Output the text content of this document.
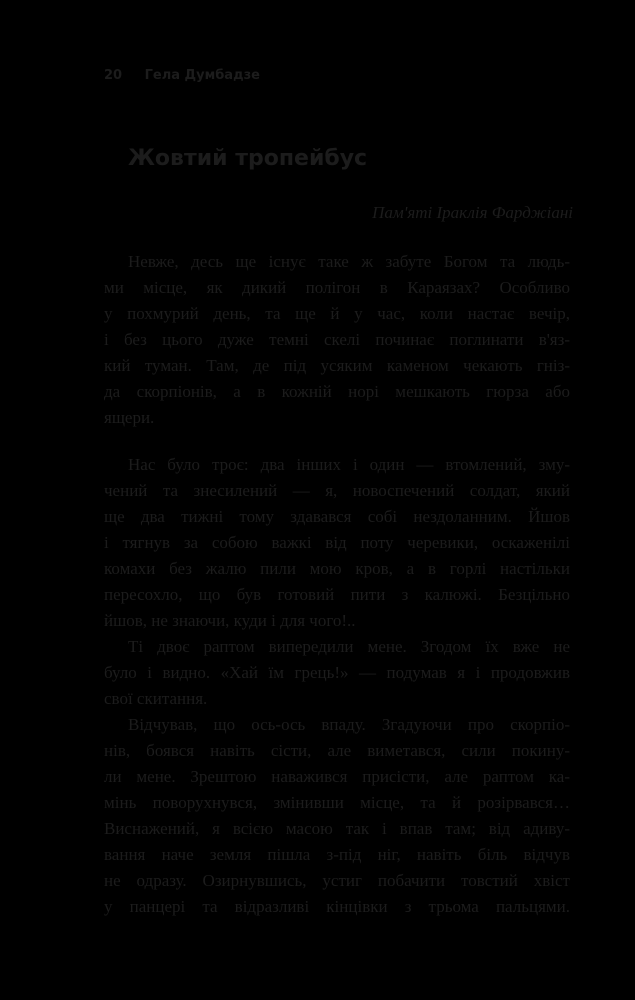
20 Гела Думбадзе
Жовтий тропейбус
Пам'яті Іраклія Фарджіані
Невже, десь ще існує таке ж забуте Богом та людь-
ми місце, як дикий полігон в Караязах? Особливо
у похмурий день, та ще й у час, коли настає вечір,
і без цього дуже темні скелі починає поглинати в'яз-
кий туман. Там, де під усяким каменом чекають гніз-
да скорпіонів, а в кожній норі мешкають гюрза або
ящери.
Нас було троє: два інших і один — втомлений, зму-
чений та знесилений — я, новоспечений солдат, який
ще два тижні тому здавався собі нездоланним. Йшов
і тягнув за собою важкі від поту черевики, оскаженілі
комахи без жалю пили мою кров, а в горлі настільки
пересохло, що був готовий пити з калюжі. Безцільно
йшов, не знаючи, куди і для чого!..
Ті двоє раптом випередили мене. Згодом їх вже не
було і видно. «Хай їм грець!» — подумав я і продовжив
свої скитання.
Відчував, що ось-ось впаду. Згадуючи про скорпіо-
нів, боявся навіть сісти, але виметався, сили покину-
ли мене. Зрештою наважився присісти, але раптом ка-
мінь поворухнувся, змінивши місце, та й розірвався…
Виснажений, я всією масою так і впав там; від адиву-
вання наче земля пішла з-під ніг, навіть біль відчув
не одразу. Озирнувшись, устиг побачити товстий хвіст
у панцері та відразливі кінцівки з трьома пальцями.
